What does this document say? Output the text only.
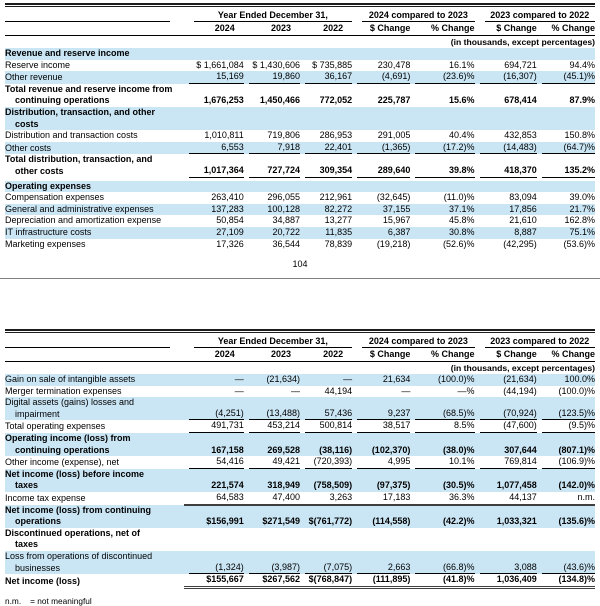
	Year Ended December 31,			2024 compared to 2023		2023 compared to 2022	

	2024	2023	2022	$ Change	% Change	$ Change	% Change
(in thousands, except percentages)							
Revenue and reserve income	

Reserve income	$ 1,661,084	$ 1,430,606	$ 735,885	230,478	16.1%	694,721	94.4%

Other revenue	15,169	19,860	36,167	(4,691)	(23.6)%	(16,307)	(45.1)%

Total revenue and reserve income from
continuing operations	1,676,253	1,450,466	772,052	225,787	15.6%	678,414	87.9%

Distribution, transaction, and other
costs	

Distribution and transaction costs	1,010,811	719,806	286,953	291,005	40.4%	432,853	150.8%

Other costs	6,553	7,918	22,401	(1,365)	(17.2)%	(14,483)	(64.7)%

Total distribution, transaction, and
other costs	1,017,364	727,724	309,354	289,640	39.8%	418,370	135.2%

Operating expenses	

Compensation expenses	263,410	296,055	212,961	(32,645)	(11.0)%	83,094	39.0%

General and administrative expenses	137,283	100,128	82,272	37,155	37.1%	17,856	21.7%

Depreciation and amortization expense	50,854	34,887	13,277	15,967	45.8%	21,610	162.8%

IT infrastructure costs	27,109	20,722	11,835	6,387	30.8%	8,887	75.1%

Marketing expenses	17,326	36,544	78,839	(19,218)	(52.6)%	(42,295)	(53.6)%
104

	Year Ended December 31,			2024 compared to 2023		2023 compared to 2022	

	2024	2023	2022	$ Change	% Change	$ Change	% Change
(in thousands, except percentages)							
Gain on sale of intangible assets	—	(21,634)	—	21,634	(100.0)%	(21,634)	100.0%

Merger termination expenses	—	—	44,194	—	—%	(44,194)	(100.0)%

Digital assets (gains) losses and
impairment	(4,251)	(13,488)	57,436	9,237	(68.5)%	(70,924)	(123.5)%

Total operating expenses	491,731	453,214	500,814	38,517	8.5%	(47,600)	(9.5)%

Operating income (loss) from
continuing operations	167,158	269,528	(38,116)	(102,370)	(38.0)%	307,644	(807.1)%

Other income (expense), net	54,416	49,421	(720,393)	4,995	10.1%	769,814	(106.9)%

Net income (loss) before income
taxes	221,574	318,949	(758,509)	(97,375)	(30.5)%	1,077,458	(142.0)%

Income tax expense	64,583	47,400	3,263	17,183	36.3%	44,137	n.m.

Net income (loss) from continuing
operations	$156,991	$271,549	$(761,772)	(114,558)	(42.2)%	1,033,321	(135.6)%

Discontinued operations, net of
taxes	

Loss from operations of discontinued
businesses	(1,324)	(3,987)	(7,075)	2,663	(66.8)%	3,088	(43.6)%

Net income (loss)	$155,667	$267,562	$(768,847)	(111,895)	(41.8)%	1,036,409	(134.8)%
n.m. = not meaningful
